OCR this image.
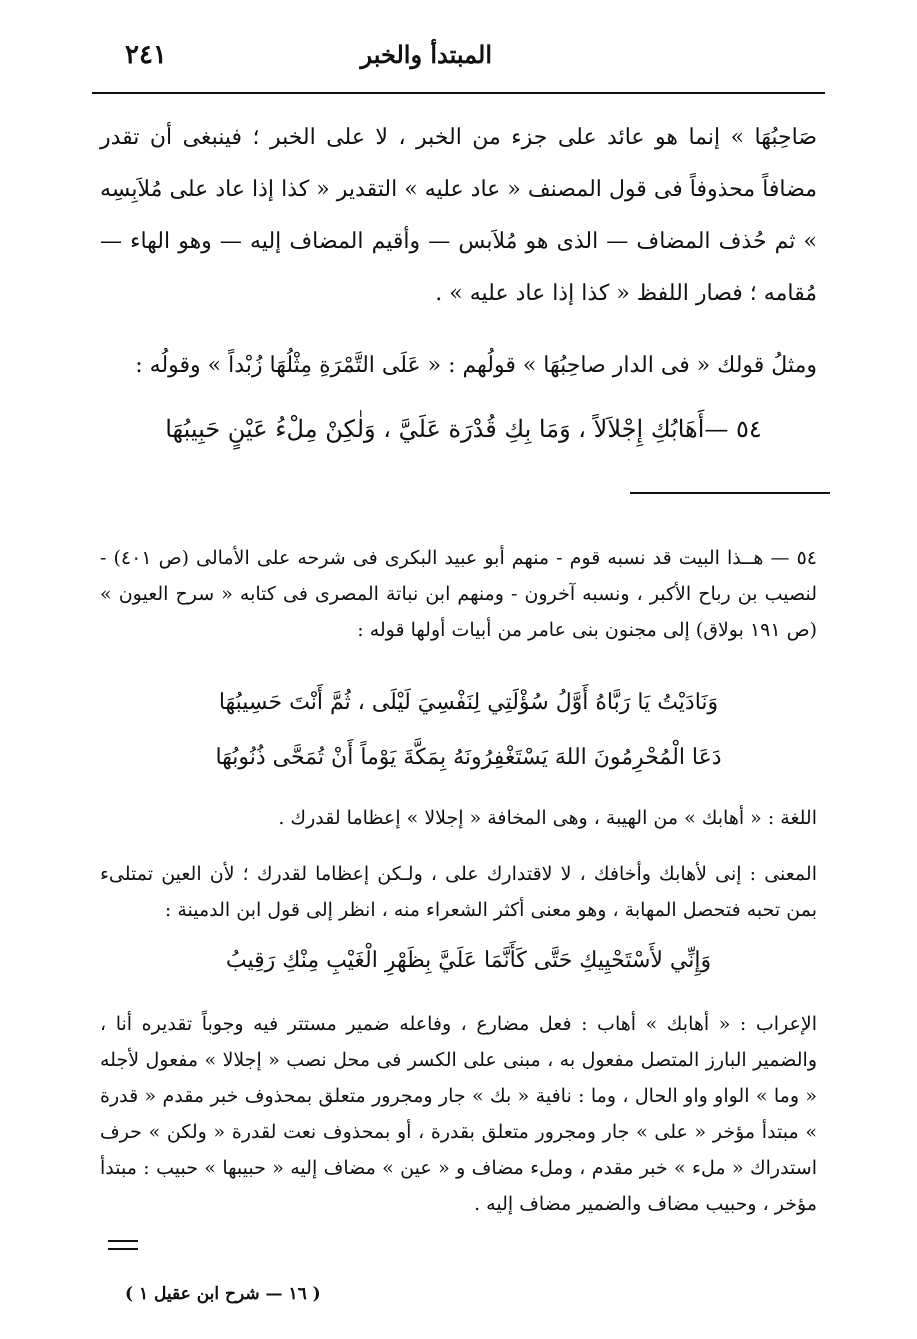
المبتدأ والخبر
٢٤١
صَاحِبُهَا » إنما هو عائد على جزء من الخبر ، لا على الخبر ؛ فينبغى أن تقدر مضافاً محذوفاً فى قول المصنف « عاد عليه » التقدير « كذا إذا عاد على مُلاَبِسِه » ثم حُذف المضاف — الذى هو مُلاَبس — وأقيم المضاف إليه — وهو الهاء — مُقامه ؛ فصار اللفظ « كذا إذا عاد عليه » .
ومثلُ قولك « فى الدار صاحِبُهَا » قولُهم : « عَلَى التَّمْرَةِ مِثْلُهَا زُبْداً » وقولُه :
٥٤ —أَهَابُكِ إِجْلاَلاً ، وَمَا بِكِ قُدْرَة عَلَيَّ ، وَلٰكِنْ مِلْءُ عَيْنٍ حَبِيبُهَا
٥٤ — هــذا البيت قد نسبه قوم - منهم أبو عبيد البكرى فى شرحه على الأمالى (ص ٤٠١) - لنصيب بن رباح الأكبر ، ونسبه آخرون - ومنهم ابن نباتة المصرى فى كتابه « سرح العيون » (ص ١٩١ بولاق) إلى مجنون بنى عامر من أبيات أولها قوله :
وَنَادَيْتُ يَا رَبَّاهُ أَوَّلُ سُؤْلَتِي لِنَفْسِيَ لَيْلَى ، ثُمَّ أَنْتَ حَسِيبُهَا
دَعَا الْمُحْرِمُونَ اللهَ يَسْتَغْفِرُونَهُ بِمَكَّةَ يَوْماً أَنْ تُمَحَّى ذُنُوبُهَا
اللغة : « أهابك » من الهيبة ، وهى المخافة « إجلالا » إعظاما لقدرك .
المعنى : إنى لأهابك وأخافك ، لا لاقتدارك على ، ولـكن إعظاما لقدرك ؛ لأن العين تمتلىء بمن تحبه فتحصل المهابة ، وهو معنى أكثر الشعراء منه ، انظر إلى قول ابن الدمينة :
وَإِنِّي لأَسْتَحْيِيكِ حَتَّى كَأَنَّمَا عَلَيَّ بِظَهْرِ الْغَيْبِ مِنْكِ رَقِيبُ
الإعراب : « أهابك » أهاب : فعل مضارع ، وفاعله ضمير مستتر فيه وجوباً تقديره أنا ، والضمير البارز المتصل مفعول به ، مبنى على الكسر فى محل نصب « إجلالا » مفعول لأجله « وما » الواو واو الحال ، وما : نافية « بك » جار ومجرور متعلق بمحذوف خبر مقدم « قدرة » مبتدأ مؤخر « على » جار ومجرور متعلق بقدرة ، أو بمحذوف نعت لقدرة « ولكن » حرف استدراك « ملء » خبر مقدم ، وملء مضاف و « عين » مضاف إليه « حبيبها » حبيب : مبتدأ مؤخر ، وحبيب مضاف والضمير مضاف إليه .
( ١٦ — شرح ابن عقيل ١ )
